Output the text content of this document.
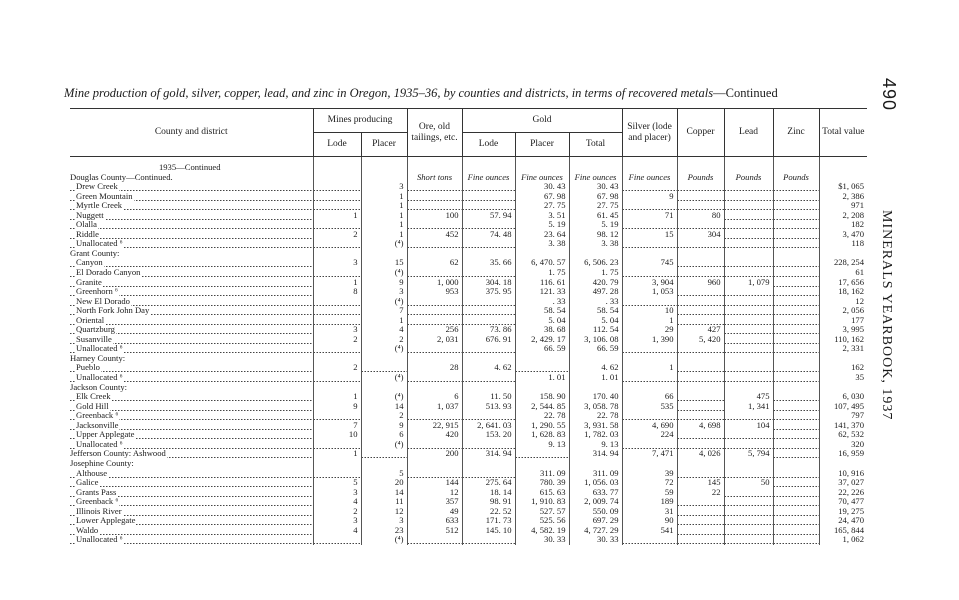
Mine production of gold, silver, copper, lead, and zinc in Oregon, 1935–36, by counties and districts, in terms of recovered metals—Continued	490
MINERALS YEARBOOK, 1937
County and district	Mines producing		Ore, old tailings, etc.	Gold			Silver (lode and placer)	Copper	Lead	Zinc	Total value
	Lode	Placer		Lode	Placer	Total					

1935—Continued											
Douglas County—Continued.			Short tons	Fine ounces	Fine ounces	Fine ounces	Fine ounces	Pounds	Pounds	Pounds	
Drew Creek		3			30. 43	30. 43					$1, 065
Green Mountain		1			67. 98	67. 98	9				2, 386
Myrtle Creek		1			27. 75	27. 75					971
Nuggett	1	1	100	57. 94	3. 51	61. 45	71	80			2, 208
Olalla		1			5. 19	5. 19					182
Riddle	2	1	452	74. 48	23. 64	98. 12	15	304			3, 470
Unallocated ⁶		(⁴)			3. 38	3. 38					118
Grant County:											
Canyon	3	15	62	35. 66	6, 470. 57	6, 506. 23	745				228, 254
El Dorado Canyon		(⁴)			1. 75	1. 75					61
Granite	1	9	1, 000	304. 18	116. 61	420. 79	3, 904	960	1, 079		17, 656
Greenhorn ⁶	8	3	953	375. 95	121. 33	497. 28	1, 053				18, 162
New El Dorado		(⁴)			. 33	. 33					12
North Fork John Day		7			58. 54	58. 54	10				2, 056
Oriental		1			5. 04	5. 04	1				177
Quartzburg	3	4	256	73. 86	38. 68	112. 54	29	427			3, 995
Susanville	2	2	2, 031	676. 91	2, 429. 17	3, 106. 08	1, 390	5, 420			110, 162
Unallocated ⁶		(⁴)			66. 59	66. 59					2, 331
Harney County:											
Pueblo	2		28	4. 62		4. 62	1				162
Unallocated ⁶		(⁴)			1. 01	1. 01					35
Jackson County:											
Elk Creek	1	(⁴)	6	11. 50	158. 90	170. 40	66		475		6, 030
Gold Hill	9	14	1, 037	513. 93	2, 544. 85	3, 058. 78	535		1, 341		107, 495
Greenback ⁶		2			22. 78	22. 78					797
Jacksonville	7	9	22, 915	2, 641. 03	1, 290. 55	3, 931. 58	4, 690	4, 698	104		141, 370
Upper Applegate	10	6	420	153. 20	1, 628. 83	1, 782. 03	224				62, 532
Unallocated ⁶		(⁴)			9. 13	9. 13					320
Jefferson County: Ashwood	1		200	314. 94		314. 94	7, 471	4, 026	5, 794		16, 959
Josephine County:											
Althouse		5			311. 09	311. 09	39				10, 916
Galice	5	20	144	275. 64	780. 39	1, 056. 03	72	145	50		37, 027
Grants Pass	3	14	12	18. 14	615. 63	633. 77	59	22			22, 226
Greenback ⁶	4	11	357	98. 91	1, 910. 83	2, 009. 74	189				70, 477
Illinois River	2	12	49	22. 52	527. 57	550. 09	31				19, 275
Lower Applegate	3	3	633	171. 73	525. 56	697. 29	90				24, 470
Waldo	4	23	512	145. 10	4, 582. 19	4, 727. 29	541				165, 844
Unallocated ⁶		(⁴)			30. 33	30. 33					1, 062
